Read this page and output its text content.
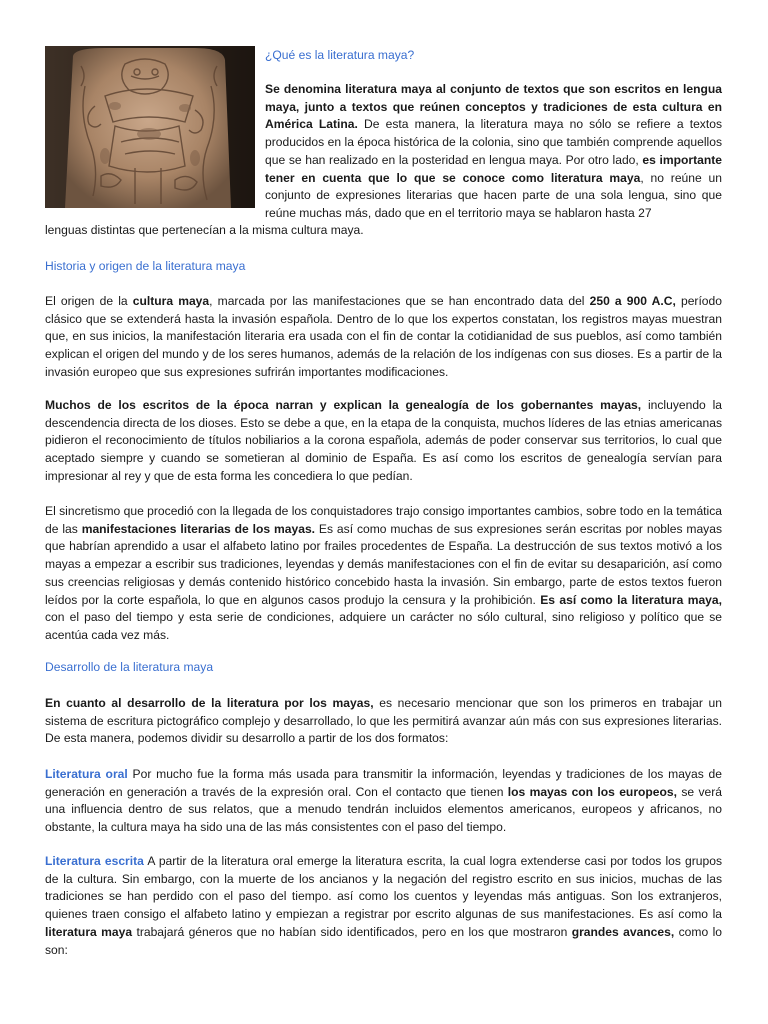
¿Qué es la literatura maya?

Se denomina literatura maya al conjunto de textos que son escritos en lengua maya, junto a textos que reúnen conceptos y tradiciones de esta cultura en América Latina. De esta manera, la literatura maya no sólo se refiere a textos producidos en la época histórica de la colonia, sino que también comprende aquellos que se han realizado en la posteridad en lengua maya. Por otro lado, es importante tener en cuenta que lo que se conoce como literatura maya, no reúne un conjunto de expresiones literarias que hacen parte de una sola lengua, sino que reúne muchas más, dado que en el territorio maya se hablaron hasta 27

lenguas distintas que pertenecían a la misma cultura maya.

Historia y origen de la literatura maya

El origen de la cultura maya, marcada por las manifestaciones que se han encontrado data del 250 a 900 A.C, período clásico que se extenderá hasta la invasión española. Dentro de lo que los expertos constatan, los registros mayas muestran que, en sus inicios, la manifestación literaria era usada con el fin de contar la cotidianidad de sus pueblos, así como también explican el origen del mundo y de los seres humanos, además de la relación de los indígenas con sus dioses. Es a partir de la invasión europeo que sus expresiones sufrirán importantes modificaciones.

Muchos de los escritos de la época narran y explican la genealogía de los gobernantes mayas, incluyendo la descendencia directa de los dioses. Esto se debe a que, en la etapa de la conquista, muchos líderes de las etnias americanas pidieron el reconocimiento de títulos nobiliarios a la corona española, además de poder conservar sus territorios, lo cual que aceptado siempre y cuando se sometieran al dominio de España. Es así como los escritos de genealogía servían para impresionar al rey y que de esta forma les concediera lo que pedían.

El sincretismo que procedió con la llegada de los conquistadores trajo consigo importantes cambios, sobre todo en la temática de las manifestaciones literarias de los mayas. Es así como muchas de sus expresiones serán escritas por nobles mayas que habrían aprendido a usar el alfabeto latino por frailes procedentes de España. La destrucción de sus textos motivó a los mayas a empezar a escribir sus tradiciones, leyendas y demás manifestaciones con el fin de evitar su desaparición, así como sus creencias religiosas y demás contenido histórico concebido hasta la invasión. Sin embargo, parte de estos textos fueron leídos por la corte española, lo que en algunos casos produjo la censura y la prohibición. Es así como la literatura maya, con el paso del tiempo y esta serie de condiciones, adquiere un carácter no sólo cultural, sino religioso y político que se acentúa cada vez más.

Desarrollo de la literatura maya

En cuanto al desarrollo de la literatura por los mayas, es necesario mencionar que son los primeros en trabajar un sistema de escritura pictográfico complejo y desarrollado, lo que les permitirá avanzar aún más con sus expresiones literarias. De esta manera, podemos dividir su desarrollo a partir de los dos formatos:

Literatura oral Por mucho fue la forma más usada para transmitir la información, leyendas y tradiciones de los mayas de generación en generación a través de la expresión oral. Con el contacto que tienen los mayas con los europeos, se verá una influencia dentro de sus relatos, que a menudo tendrán incluidos elementos americanos, europeos y africanos, no obstante, la cultura maya ha sido una de las más consistentes con el paso del tiempo.

Literatura escrita A partir de la literatura oral emerge la literatura escrita, la cual logra extenderse casi por todos los grupos de la cultura. Sin embargo, con la muerte de los ancianos y la negación del registro escrito en sus inicios, muchas de las tradiciones se han perdido con el paso del tiempo. así como los cuentos y leyendas más antiguas. Son los extranjeros, quienes traen consigo el alfabeto latino y empiezan a registrar por escrito algunas de sus manifestaciones. Es así como la literatura maya trabajará géneros que no habían sido identificados, pero en los que mostraron grandes avances, como lo son:
